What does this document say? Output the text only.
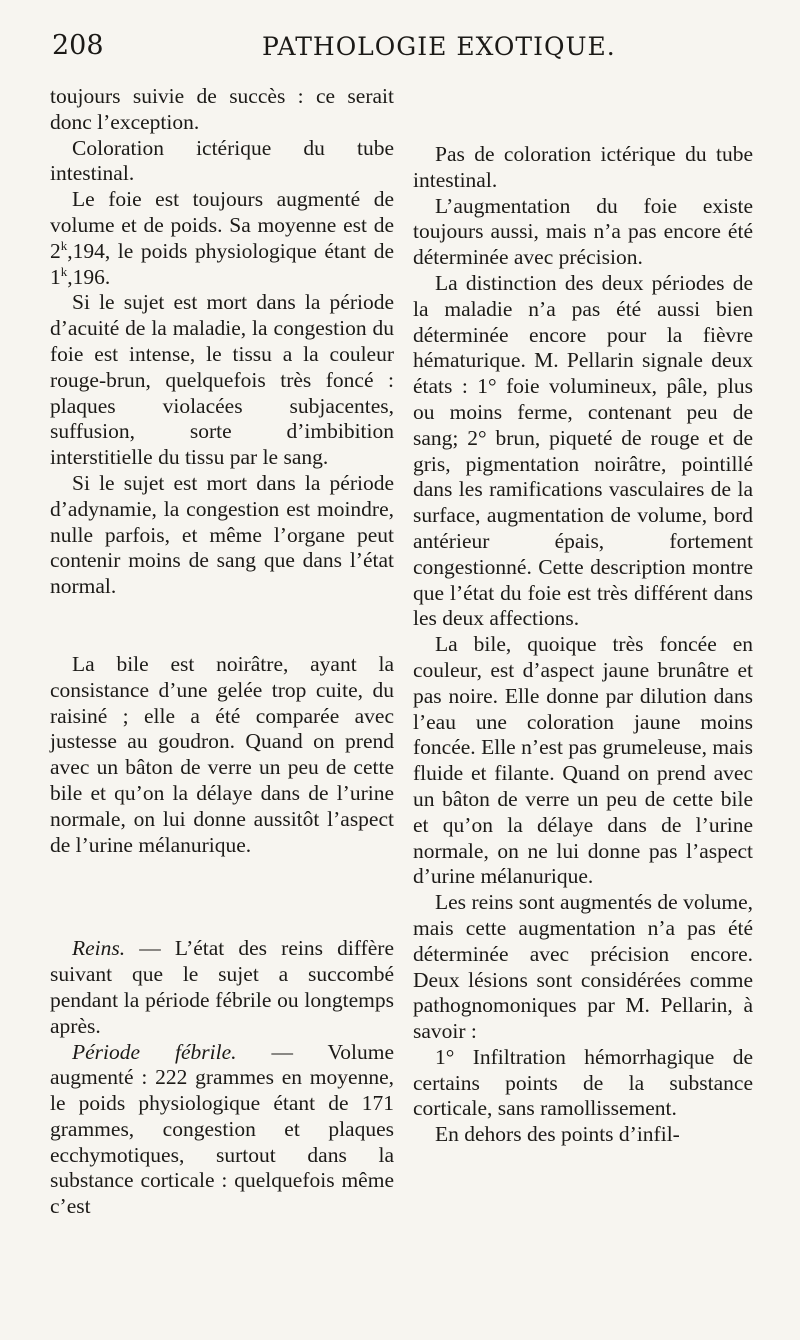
208	PATHOLOGIE EXOTIQUE.

toujours suivie de succès : ce serait donc l’exception.

Coloration ictérique du tube intestinal.

Le foie est toujours augmenté de volume et de poids. Sa moyenne est de 2$^k$,194, le poids physiologique étant de 1$^k$,196.

Si le sujet est mort dans la période d’acuité de la maladie, la congestion du foie est intense, le tissu a la couleur rouge-brun, quelquefois très foncé : plaques violacées subjacentes, suffusion, sorte d’imbibition interstitielle du tissu par le sang.

Si le sujet est mort dans la période d’adynamie, la congestion est moindre, nulle parfois, et même l’organe peut contenir moins de sang que dans l’état normal.

La bile est noirâtre, ayant la consistance d’une gelée trop cuite, du raisiné ; elle a été comparée avec justesse au goudron. Quand on prend avec un bâton de verre un peu de cette bile et qu’on la délaye dans de l’urine normale, on lui donne aussitôt l’aspect de l’urine mélanurique.

Reins. — L’état des reins diffère suivant que le sujet a succombé pendant la période fébrile ou longtemps après.

Période fébrile. — Volume augmenté : 222 grammes en moyenne, le poids physiologique étant de 171 grammes, congestion et plaques ecchymotiques, surtout dans la substance corticale : quelquefois même c’est

Pas de coloration ictérique du tube intestinal.

L’augmentation du foie existe toujours aussi, mais n’a pas encore été déterminée avec précision.

La distinction des deux périodes de la maladie n’a pas été aussi bien déterminée encore pour la fièvre hématurique. M. Pellarin signale deux états : 1° foie volumineux, pâle, plus ou moins ferme, contenant peu de sang; 2° brun, piqueté de rouge et de gris, pigmentation noirâtre, pointillé dans les ramifications vasculaires de la surface, augmentation de volume, bord antérieur épais, fortement congestionné. Cette description montre que l’état du foie est très différent dans les deux affections.

La bile, quoique très foncée en couleur, est d’aspect jaune brunâtre et pas noire. Elle donne par dilution dans l’eau une coloration jaune moins foncée. Elle n’est pas grumeleuse, mais fluide et filante. Quand on prend avec un bâton de verre un peu de cette bile et qu’on la délaye dans de l’urine normale, on ne lui donne pas l’aspect d’urine mélanurique.

Les reins sont augmentés de volume, mais cette augmentation n’a pas été déterminée avec précision encore. Deux lésions sont considérées comme pathognomoniques par M. Pellarin, à savoir :

1° Infiltration hémorrhagique de certains points de la substance corticale, sans ramollissement.

En dehors des points d’infil-
